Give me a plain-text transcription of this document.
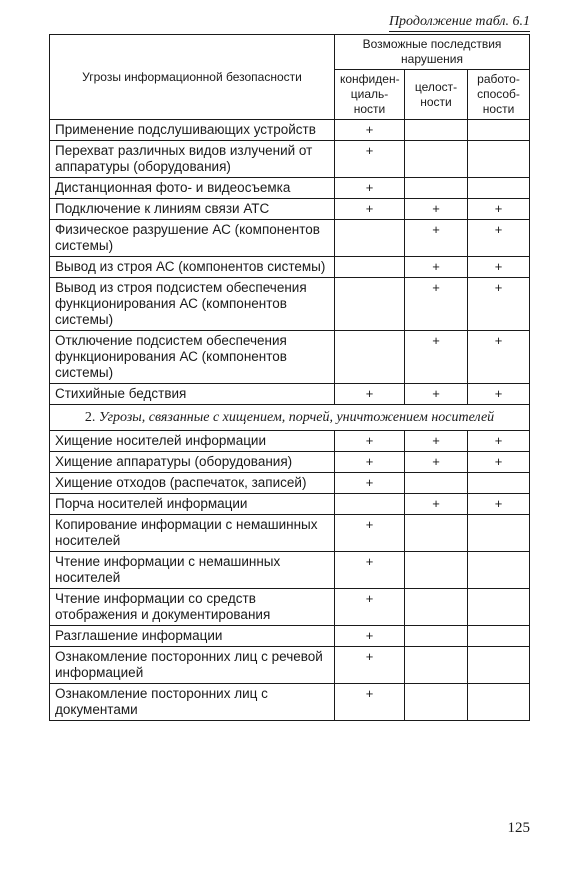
Продолжение табл. 6.1
Угрозы информационной безопасности	Возможные последствия нарушения		
	конфиден-циаль-ности	целост-ности	работо-способ-ности
Применение подслушивающих устройств	+		
Перехват различных видов излучений от аппаратуры (оборудования)	+		
Дистанционная фото- и видеосъемка	+		
Подключение к линиям связи АТС	+	+	+
Физическое разрушение АС (компонентов системы)		+	+
Вывод из строя АС (компонентов системы)		+	+
Вывод из строя подсистем обеспечения функционирования АС (компонентов системы)		+	+
Отключение подсистем обеспечения функционирования АС (компонентов системы)		+	+
Стихийные бедствия	+	+	+
2. Угрозы, связанные с хищением, порчей, уничтожением носителей			
Хищение носителей информации	+	+	+
Хищение аппаратуры (оборудования)	+	+	+
Хищение отходов (распечаток, записей)	+		
Порча носителей информации		+	+
Копирование информации с немашинных носителей	+		
Чтение информации с немашинных носителей	+		
Чтение информации со средств отображения и документирования	+		
Разглашение информации	+		
Ознакомление посторонних лиц с речевой информацией	+		
Ознакомление посторонних лиц с документами	+		
125
